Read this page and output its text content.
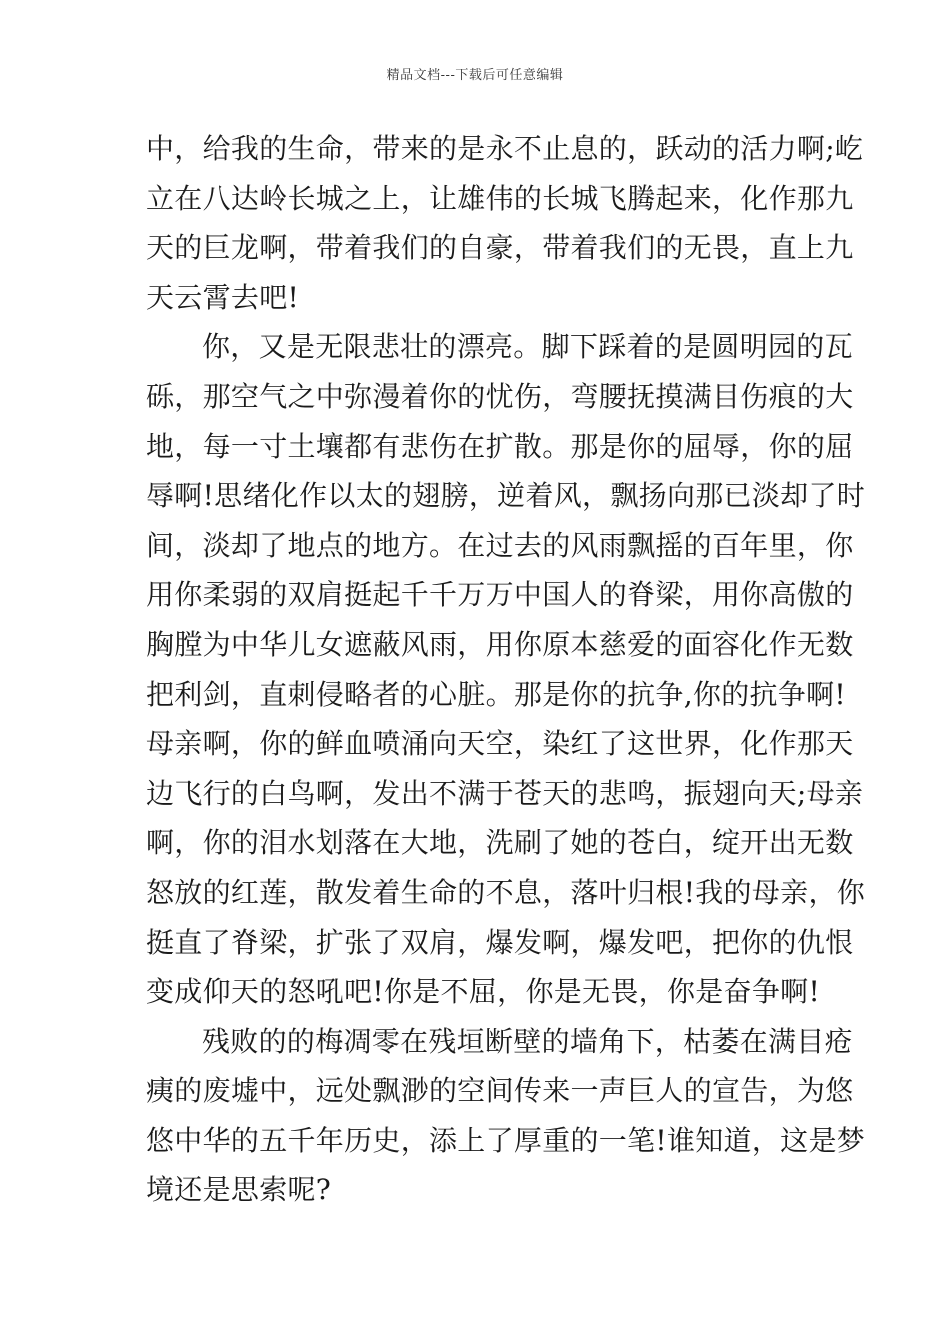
精品文档---下载后可任意编辑
中，给我的生命，带来的是永不止息的，跃动的活力啊;屹
立在八达岭长城之上，让雄伟的长城飞腾起来，化作那九
天的巨龙啊，带着我们的自豪，带着我们的无畏，直上九
天云霄去吧!
你，又是无限悲壮的漂亮。脚下踩着的是圆明园的瓦
砾，那空气之中弥漫着你的忧伤，弯腰抚摸满目伤痕的大
地，每一寸土壤都有悲伤在扩散。那是你的屈辱，你的屈
辱啊!思绪化作以太的翅膀，逆着风，飘扬向那已淡却了时
间，淡却了地点的地方。在过去的风雨飘摇的百年里，你
用你柔弱的双肩挺起千千万万中国人的脊梁，用你高傲的
胸膛为中华儿女遮蔽风雨，用你原本慈爱的面容化作无数
把利剑，直刺侵略者的心脏。那是你的抗争,你的抗争啊!
母亲啊，你的鲜血喷涌向天空，染红了这世界，化作那天
边飞行的白鸟啊，发出不满于苍天的悲鸣，振翅向天;母亲
啊，你的泪水划落在大地，洗刷了她的苍白，绽开出无数
怒放的红莲，散发着生命的不息，落叶归根!我的母亲，你
挺直了脊梁，扩张了双肩，爆发啊，爆发吧，把你的仇恨
变成仰天的怒吼吧!你是不屈，你是无畏，你是奋争啊!
残败的的梅凋零在残垣断壁的墙角下，枯萎在满目疮
痍的废墟中，远处飘渺的空间传来一声巨人的宣告，为悠
悠中华的五千年历史，添上了厚重的一笔!谁知道，这是梦
境还是思索呢?
